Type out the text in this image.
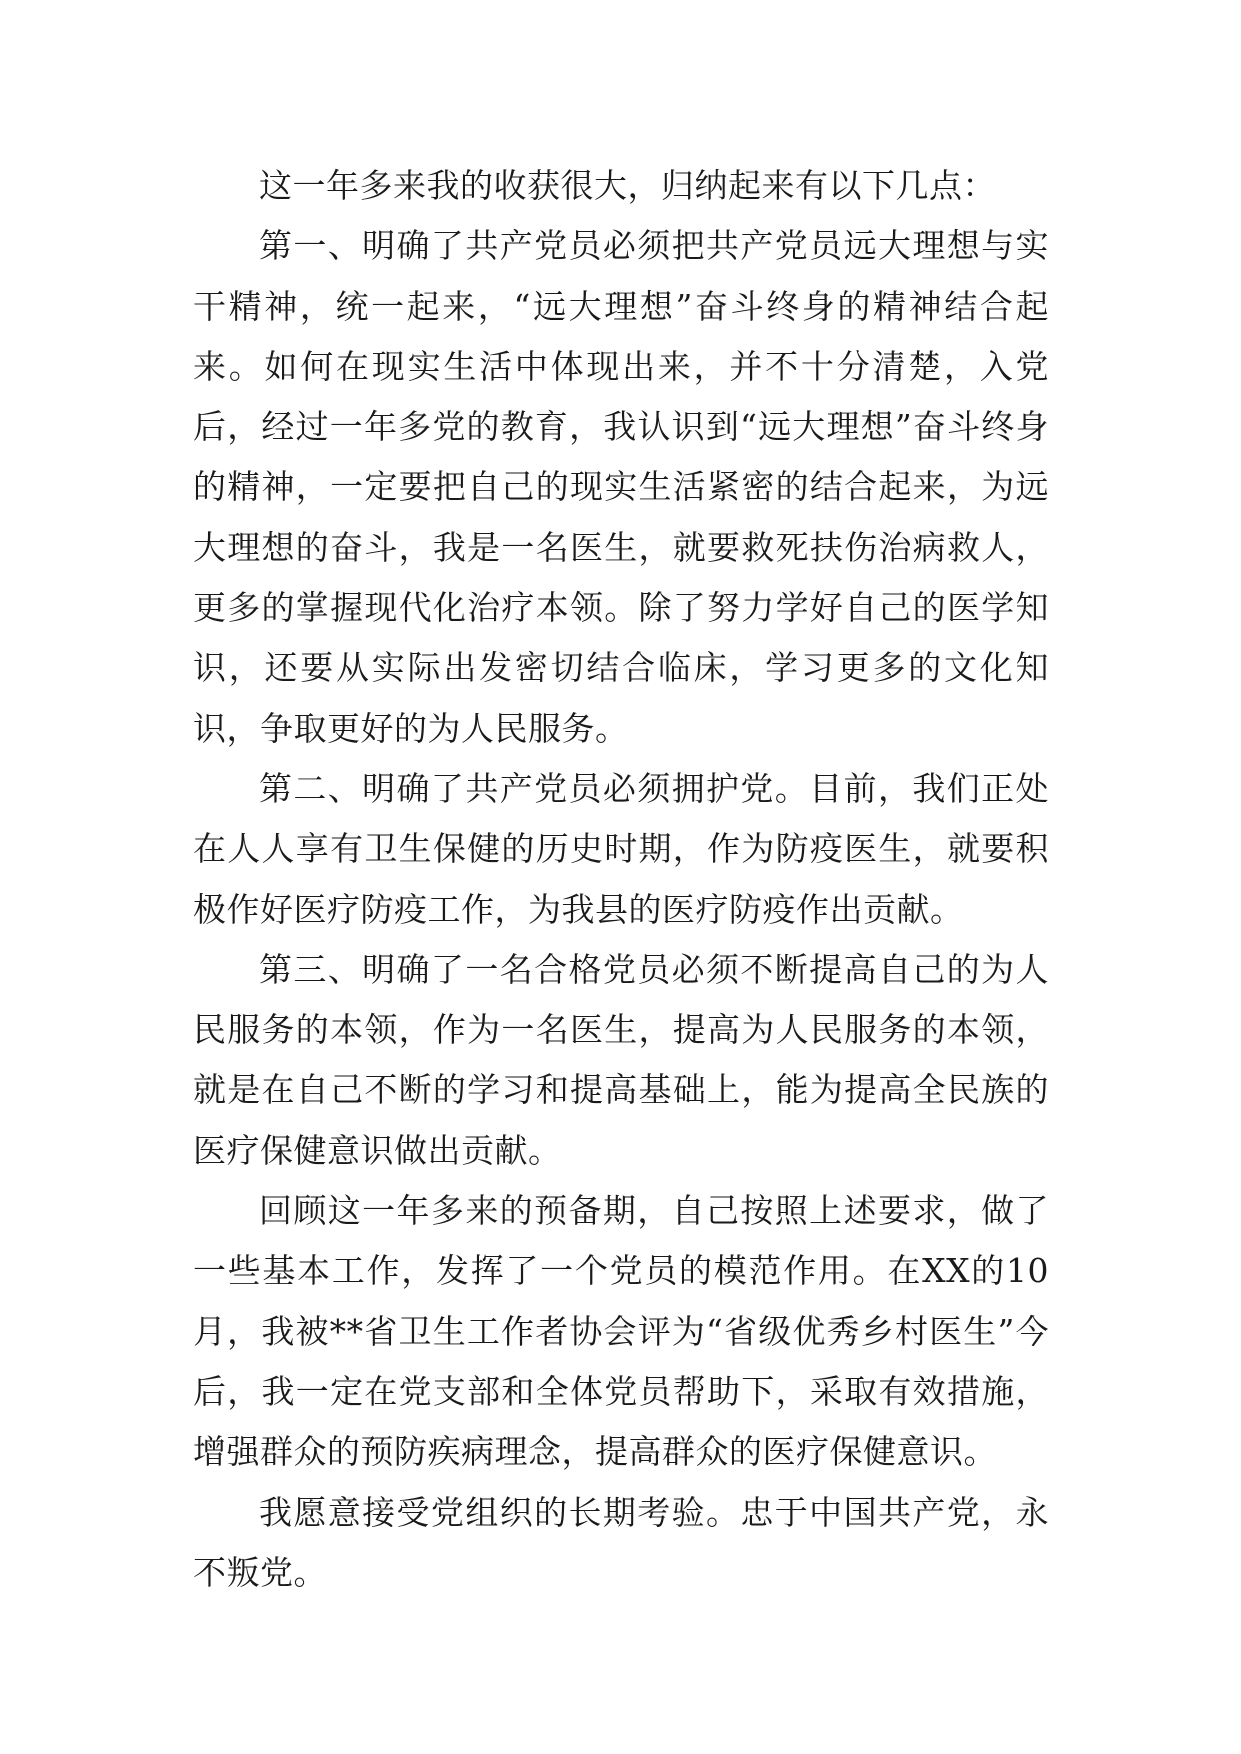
这一年多来我的收获很大，归纳起来有以下几点：

第一、明确了共产党员必须把共产党员远大理想与实干精神，统一起来，“远大理想”奋斗终身的精神结合起来。如何在现实生活中体现出来，并不十分清楚，入党后，经过一年多党的教育，我认识到“远大理想”奋斗终身的精神，一定要把自己的现实生活紧密的结合起来，为远大理想的奋斗，我是一名医生，就要救死扶伤治病救人，更多的掌握现代化治疗本领。除了努力学好自己的医学知识，还要从实际出发密切结合临床，学习更多的文化知识，争取更好的为人民服务。

第二、明确了共产党员必须拥护党。目前，我们正处在人人享有卫生保健的历史时期，作为防疫医生，就要积极作好医疗防疫工作，为我县的医疗防疫作出贡献。

第三、明确了一名合格党员必须不断提高自己的为人民服务的本领，作为一名医生，提高为人民服务的本领，就是在自己不断的学习和提高基础上，能为提高全民族的医疗保健意识做出贡献。

回顾这一年多来的预备期，自己按照上述要求，做了一些基本工作，发挥了一个党员的模范作用。在XX的10月，我被**省卫生工作者协会评为“省级优秀乡村医生”今后，我一定在党支部和全体党员帮助下，采取有效措施，增强群众的预防疾病理念，提高群众的医疗保健意识。

我愿意接受党组织的长期考验。忠于中国共产党，永不叛党。
